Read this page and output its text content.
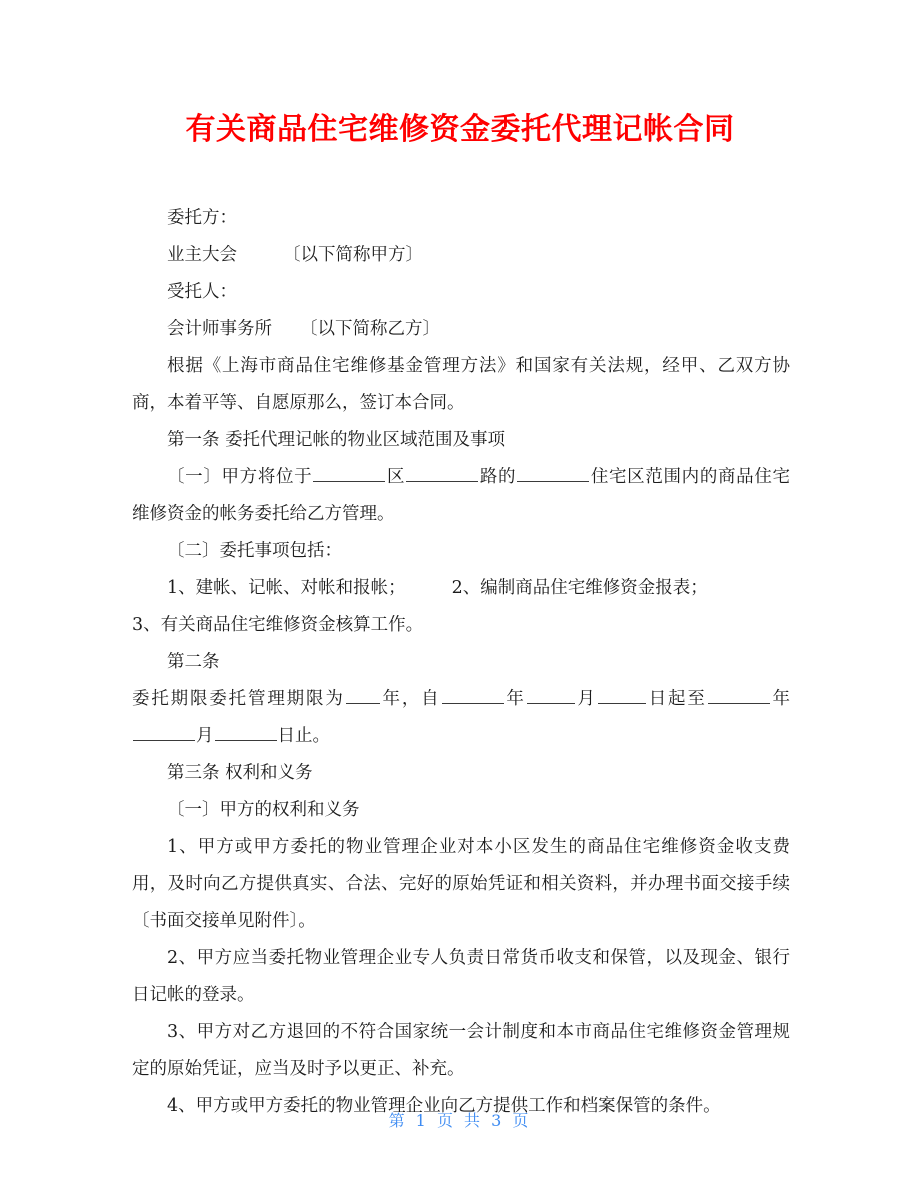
有关商品住宅维修资金委托代理记帐合同

委托方：

业主大会	〔以下简称甲方〕

受托人：

会计师事务所 〔以下简称乙方〕

根据《上海市商品住宅维修基金管理方法》和国家有关法规，经甲、乙双方协商，本着平等、自愿原那么，签订本合同。

第一条 委托代理记帐的物业区域范围及事项

〔一〕甲方将位于	区	路的	住宅区范围内的商品住宅维修资金的帐务委托给乙方管理。

〔二〕委托事项包括：

1、建帐、记帐、对帐和报帐；	2、编制商品住宅维修资金报表；

3、有关商品住宅维修资金核算工作。

第二条

委托期限委托管理期限为 年，自	年	月	日起至	年月	日止。

第三条 权利和义务

〔一〕甲方的权利和义务

1、甲方或甲方委托的物业管理企业对本小区发生的商品住宅维修资金收支费用，及时向乙方提供真实、合法、完好的原始凭证和相关资料，并办理书面交接手续〔书面交接单见附件〕。

2、甲方应当委托物业管理企业专人负责日常货币收支和保管，以及现金、银行日记帐的登录。

3、甲方对乙方退回的不符合国家统一会计制度和本市商品住宅维修资金管理规定的原始凭证，应当及时予以更正、补充。

4、甲方或甲方委托的物业管理企业向乙方提供工作和档案保管的条件。

第 1 页 共 3 页
